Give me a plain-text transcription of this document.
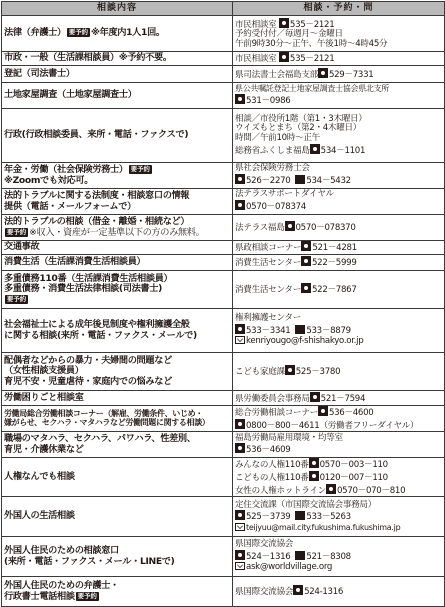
相談内容	相談・予約・問

法律（弁護士） 要予約 ※年度内1人1回。	市民相談室 535－2121
予約受付付／毎週月～金曜日
午前9時30分～正午、午後1時～4時45分

市政・一般（生活課相談員）※予約不要。	市民相談室 535－2121
登記（司法書士）	県司法書士会福島支部 529－7331
土地家屋調査（土地家屋調査士）	県公共嘱託登記土地家屋調査士協会県北支所
531－0986

行政(行政相談委員、来所・電話・ファクスで)	相談／市役所1階（第1・3木曜日）
ウイズもとまち（第2・4木曜日）
時間／午前10時～正午
総務省ふくしま福島 534－1101

年金・労働（社会保険労務士） 要予約
※Zoomでも対応可。	県社会保険労務士会
526－2270 534－5432

法的トラブルに関する法制度・相談窓口の情報
提供（電話・メールフォームで）	法テラスサポートダイヤル
0570－078374

法的トラブルの相談（借金・離婚・相続など）
要予約 ※収入・資産が一定基準以下の方のみ無料。	法テラス福島 0570－078370
交通事故	県政相談コーナー 521－4281
消費生活（生活課消費生活相談員）	消費生活センター 522－5999

多重債務110番（生活課消費生活相談員）
多重債務・消費生活法律相談(司法書士)
要予約	消費生活センター 522－7867

社会福祉士による成年後見制度や権利擁護全般
に関する相談(来所・電話・ファクス・メールで)	権利擁護センター
533－3341 533－8879
kenriyougo@f-shishakyo.or.jp

配偶者などからの暴力・夫婦間の問題など
（女性相談支援員）
育児不安・児童虐待・家庭内での悩みなど	こども家庭課 525－3780
労働困りごと相談室	県労働委員会事務局 521－7594

労働局総合労働相談コーナー（解雇、労働条件、いじめ・
嫌がらせ、セクハラ・マタハラなど労働問題に関する相談）	総合労働相談コーナー 536－4600
0800－800－4611（労働者フリーダイヤル）

職場のマタハラ、セクハラ、パワハラ、性差別、
育児・介護休業など	福島労働局雇用環境・均等室
536－4609

人権なんでも相談	みんなの人権110番 0570－003－110
こどもの人権110番 0120－007－110
女性の人権ホットライン 0570－070－810

外国人の生活相談	定住交流課（市国際交流協会事務局）
525－3739 533－5263
teijyuu@mail.city.fukushima.fukushima.jp

外国人住民のための相談窓口
(来所・電話・ファクス・メール・LINEで)	県国際交流協会
524－1316 521－8308
ask@worldvillage.org

外国人住民のための弁護士・
行政書士電話相談 要予約	県国際交流協会 524-1316
